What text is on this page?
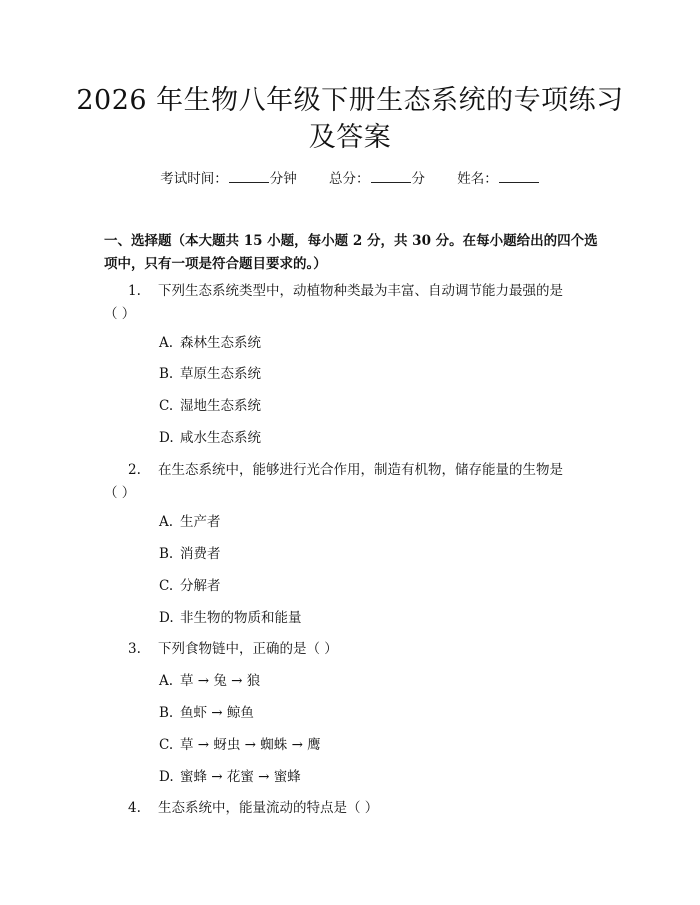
2026 年生物八年级下册生态系统的专项练习
及答案
考试时间：	分钟 总分：	分 姓名：
一、选择题（本大题共 15 小题，每小题 2 分，共 30 分。在每小题给出的四个选
项中，只有一项是符合题目要求的。）
1. 下列生态系统类型中，动植物种类最为丰富、自动调节能力最强的是
（ ）
A. 森林生态系统
B. 草原生态系统
C. 湿地生态系统
D. 咸水生态系统
2. 在生态系统中，能够进行光合作用，制造有机物，储存能量的生物是
（ ）
A. 生产者
B. 消费者
C. 分解者
D. 非生物的物质和能量
3. 下列食物链中，正确的是（ ）
A. 草 → 兔 → 狼
B. 鱼虾 → 鲸鱼
C. 草 → 蚜虫 → 蜘蛛 → 鹰
D. 蜜蜂 → 花蜜 → 蜜蜂
4. 生态系统中，能量流动的特点是（ ）
